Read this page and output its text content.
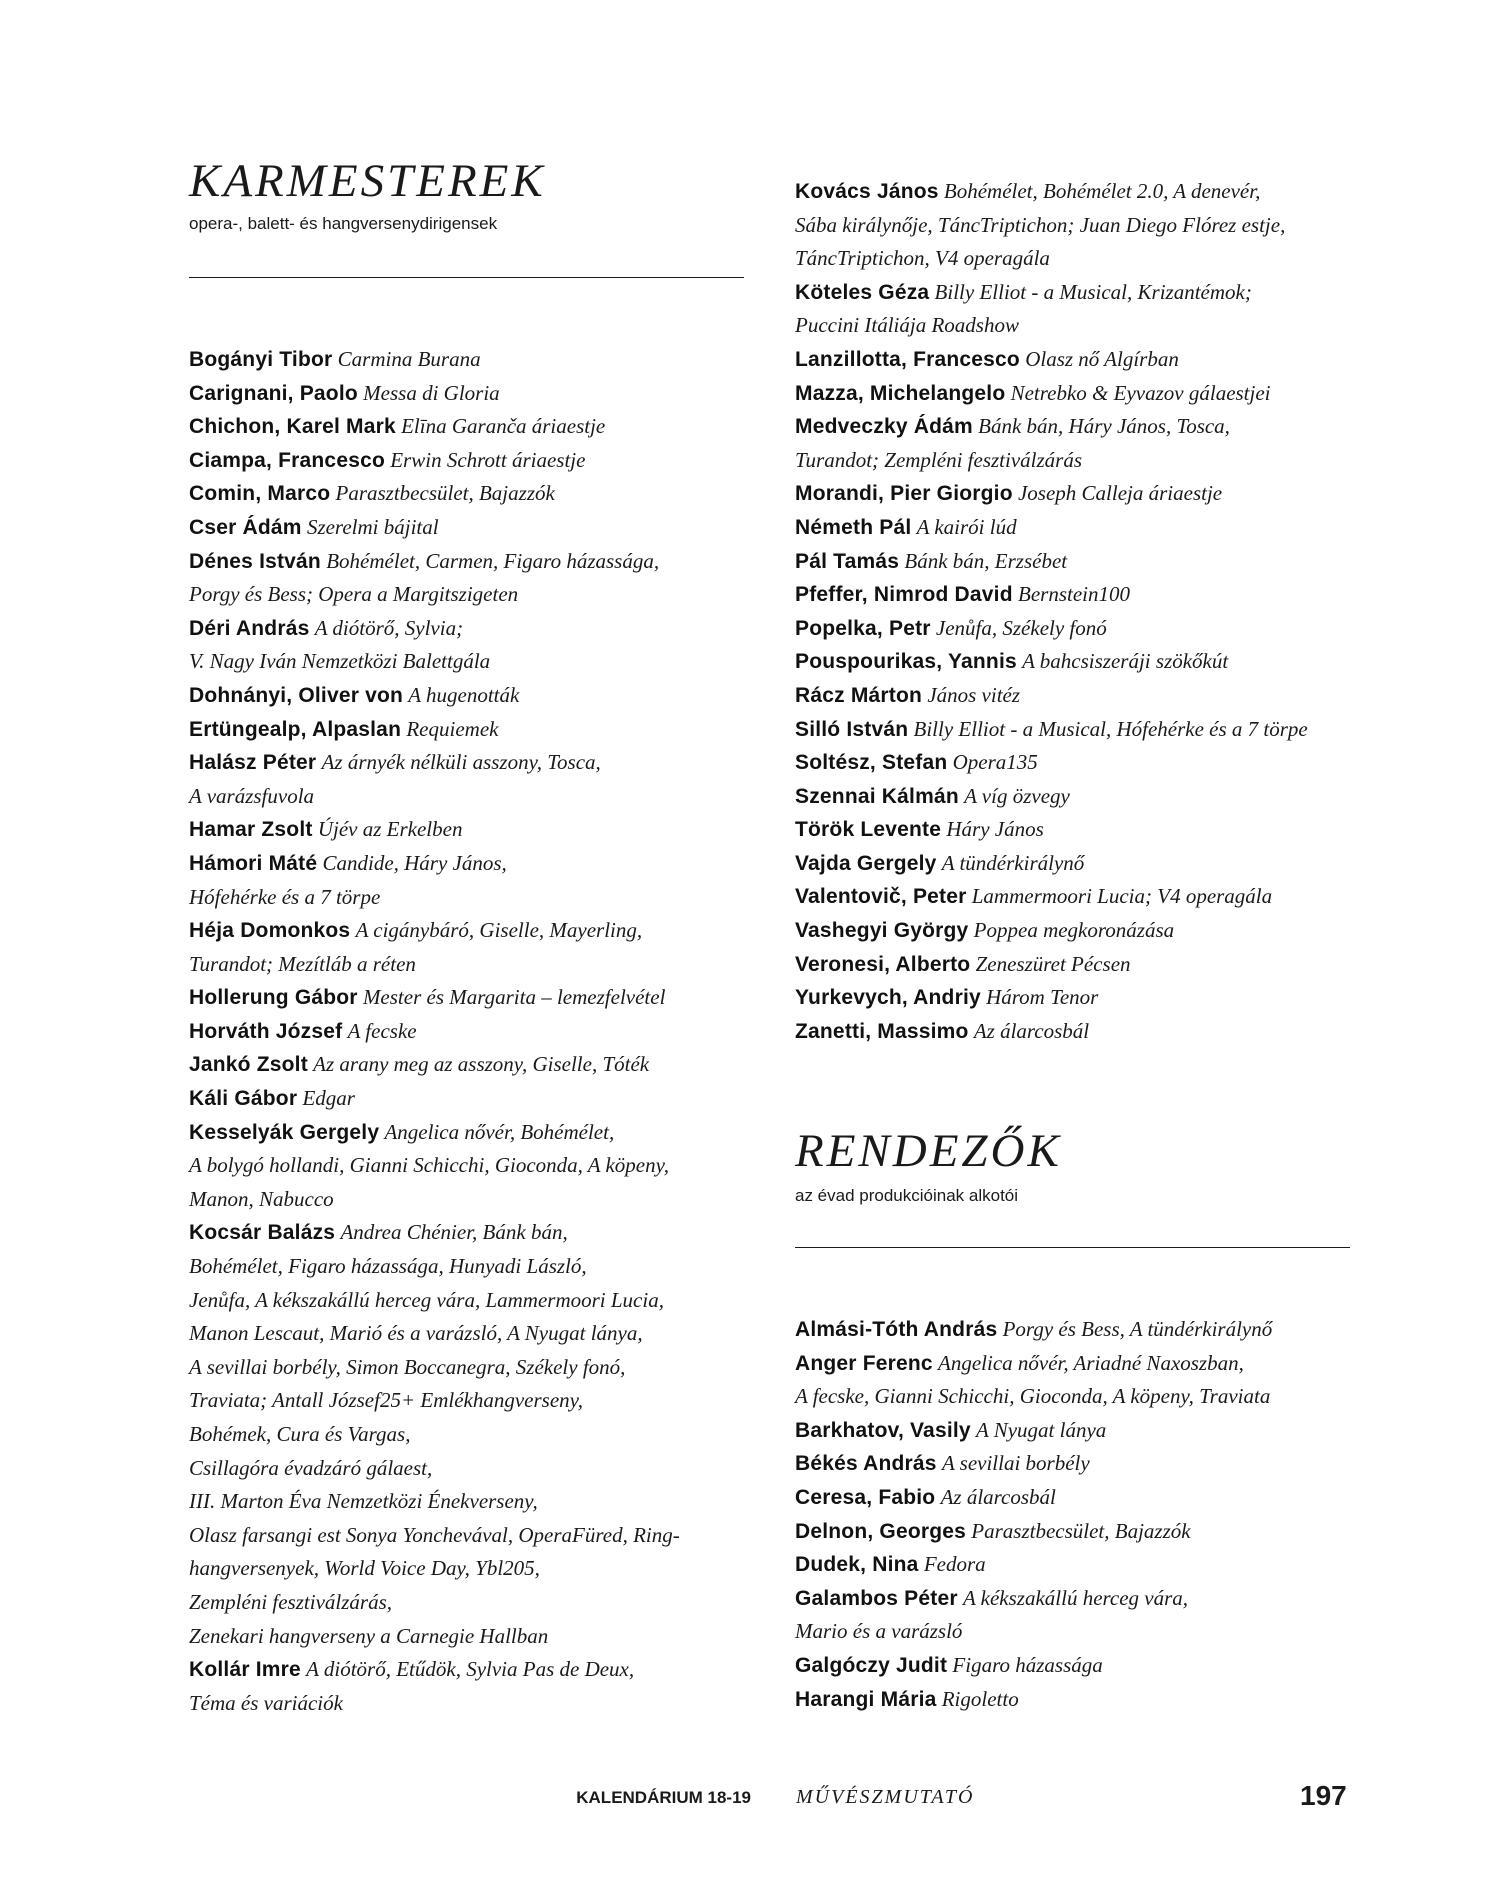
KARMESTEREK
opera-, balett- és hangversenydirigensek
Bogányi Tibor Carmina Burana
Carignani, Paolo Messa di Gloria
Chichon, Karel Mark Elīna Garanča áriaestje
Ciampa, Francesco Erwin Schrott áriaestje
Comin, Marco Parasztbecsület, Bajazzók
Cser Ádám Szerelmi bájital
Dénes István Bohémélet, Carmen, Figaro házassága,
Porgy és Bess; Opera a Margitszigeten
Déri András A diótörő, Sylvia;
V. Nagy Iván Nemzetközi Balettgála
Dohnányi, Oliver von A hugenották
Ertüngealp, Alpaslan Requiemek
Halász Péter Az árnyék nélküli asszony, Tosca,
A varázsfuvola
Hamar Zsolt Újév az Erkelben
Hámori Máté Candide, Háry János,
Hófehérke és a 7 törpe
Héja Domonkos A cigánybáró, Giselle, Mayerling,
Turandot; Mezítláb a réten
Hollerung Gábor Mester és Margarita – lemezfelvétel
Horváth József A fecske
Jankó Zsolt Az arany meg az asszony, Giselle, Tóték
Káli Gábor Edgar
Kesselyák Gergely Angelica nővér, Bohémélet,
A bolygó hollandi, Gianni Schicchi, Gioconda, A köpeny,
Manon, Nabucco
Kocsár Balázs Andrea Chénier, Bánk bán,
Bohémélet, Figaro házassága, Hunyadi László,
Jenůfa, A kékszakállú herceg vára, Lammermoori Lucia,
Manon Lescaut, Marió és a varázsló, A Nyugat lánya,
A sevillai borbély, Simon Boccanegra, Székely fonó,
Traviata; Antall József25+ Emlékhangverseny,
Bohémek, Cura és Vargas,
Csillagóra évadzáró gálaest,
III. Marton Éva Nemzetközi Énekverseny,
Olasz farsangi est Sonya Yonchevával, OperaFüred, Ring-
hangversenyek, World Voice Day, Ybl205,
Zempléni fesztiválzárás,
Zenekari hangverseny a Carnegie Hallban
Kollár Imre A diótörő, Etűdök, Sylvia Pas de Deux,
Téma és variációk
Kovács János Bohémélet, Bohémélet 2.0, A denevér,
Sába királynője, TáncTriptichon; Juan Diego Flórez estje,
TáncTriptichon, V4 operagála
Köteles Géza Billy Elliot - a Musical, Krizantémok;
Puccini Itáliája Roadshow
Lanzillotta, Francesco Olasz nő Algírban
Mazza, Michelangelo Netrebko & Eyvazov gálaestjei
Medveczky Ádám Bánk bán, Háry János, Tosca,
Turandot; Zempléni fesztiválzárás
Morandi, Pier Giorgio Joseph Calleja áriaestje
Németh Pál A kairói lúd
Pál Tamás Bánk bán, Erzsébet
Pfeffer, Nimrod David Bernstein100
Popelka, Petr Jenůfa, Székely fonó
Pouspourikas, Yannis A bahcsiszeráji szökőkút
Rácz Márton János vitéz
Silló István Billy Elliot - a Musical, Hófehérke és a 7 törpe
Soltész, Stefan Opera135
Szennai Kálmán A víg özvegy
Török Levente Háry János
Vajda Gergely A tündérkirálynő
Valentovič, Peter Lammermoori Lucia; V4 operagála
Vashegyi György Poppea megkoronázása
Veronesi, Alberto Zeneszüret Pécsen
Yurkevych, Andriy Három Tenor
Zanetti, Massimo Az álarcosbál
RENDEZŐK
az évad produkcióinak alkotói
Almási-Tóth András Porgy és Bess, A tündérkirálynő
Anger Ferenc Angelica nővér, Ariadné Naxoszban,
A fecske, Gianni Schicchi, Gioconda, A köpeny, Traviata
Barkhatov, Vasily A Nyugat lánya
Békés András A sevillai borbély
Ceresa, Fabio Az álarcosbál
Delnon, Georges Parasztbecsület, Bajazzók
Dudek, Nina Fedora
Galambos Péter A kékszakállú herceg vára,
Mario és a varázsló
Galgóczy Judit Figaro házassága
Harangi Mária Rigoletto
KALENDÁRIUM 18-19 MŰVÉSZMUTATÓ	197
